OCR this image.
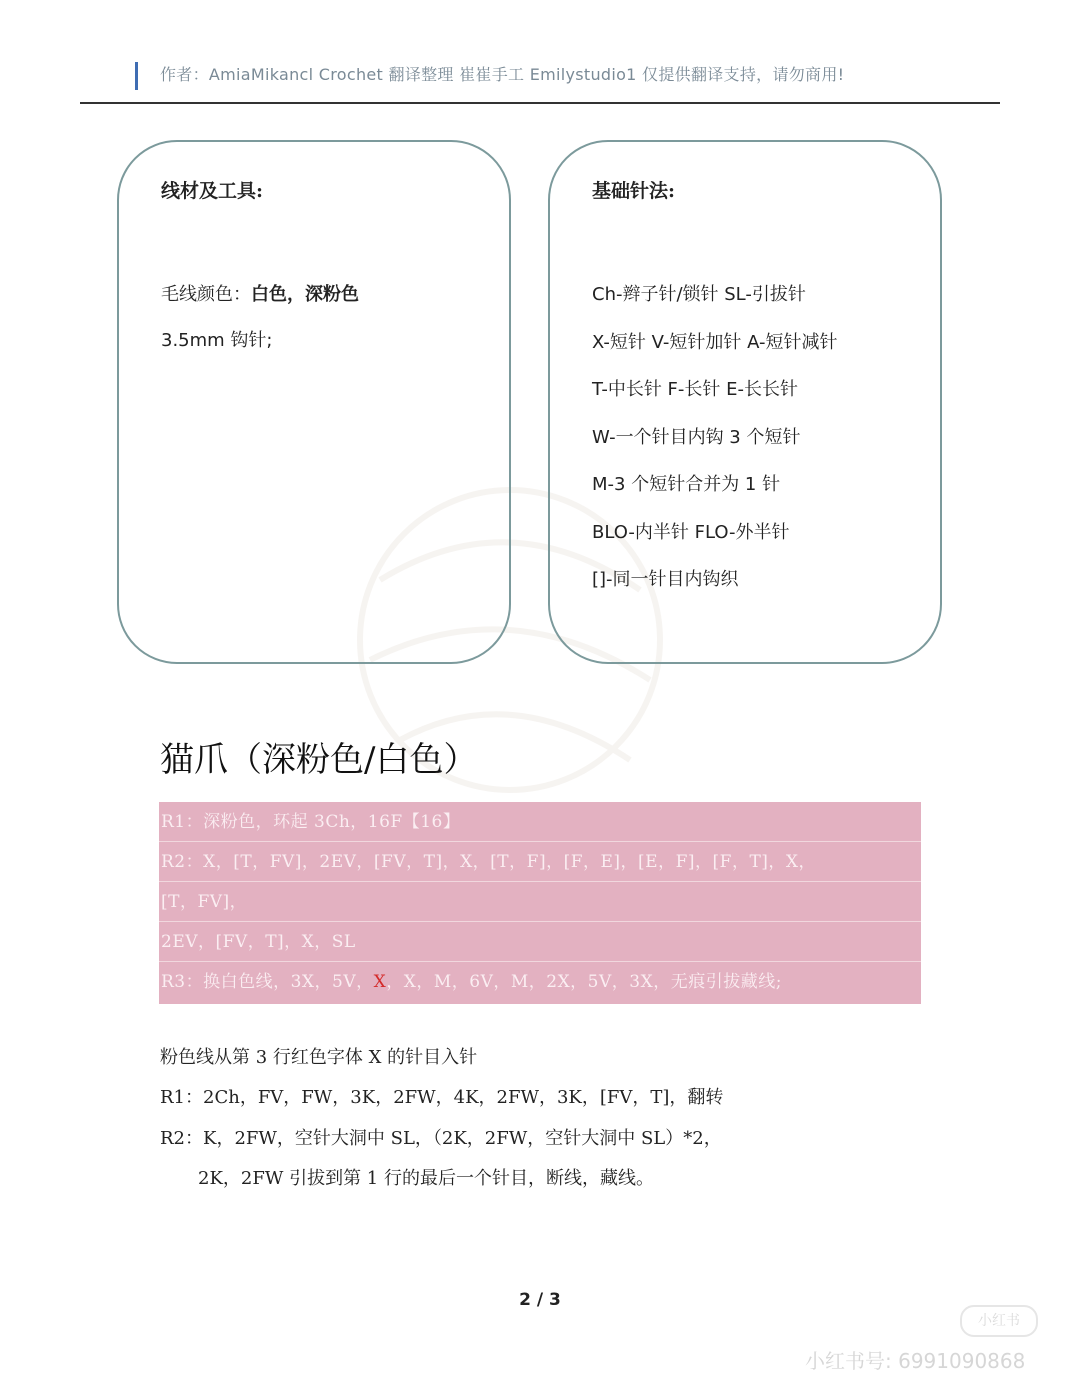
作者：AmiaMikancl Crochet 翻译整理 崔崔手工 Emilystudio1 仅提供翻译支持，请勿商用!
线材及工具:
毛线颜色：白色，深粉色
3.5mm 钩针;
基础针法:
Ch-辫子针/锁针 SL-引拔针
X-短针 V-短针加针 A-短针减针
T-中长针 F-长针 E-长长针
W-一个针目内钩 3 个短针
M-3 个短针合并为 1 针
BLO-内半针 FLO-外半针
[]-同一针目内钩织
猫爪（深粉色/白色）
R1：深粉色，环起 3Ch，16F【16】
R2：X，[T，FV]，2EV，[FV，T]，X，[T，F]，[F，E]，[E，F]，[F，T]，X，
[T，FV]，
2EV，[FV，T]，X，SL
R3：换白色线，3X，5V，X，X，M，6V，M，2X，5V，3X，无痕引拔藏线;
粉色线从第 3 行红色字体 X 的针目入针
R1：2Ch，FV，FW，3K，2FW，4K，2FW，3K，[FV，T]，翻转
R2：K，2FW，空针大洞中 SL，（2K，2FW，空针大洞中 SL）*2，
2K，2FW 引拔到第 1 行的最后一个针目，断线，藏线。
2 / 3
小红书
小红书号: 6991090868
